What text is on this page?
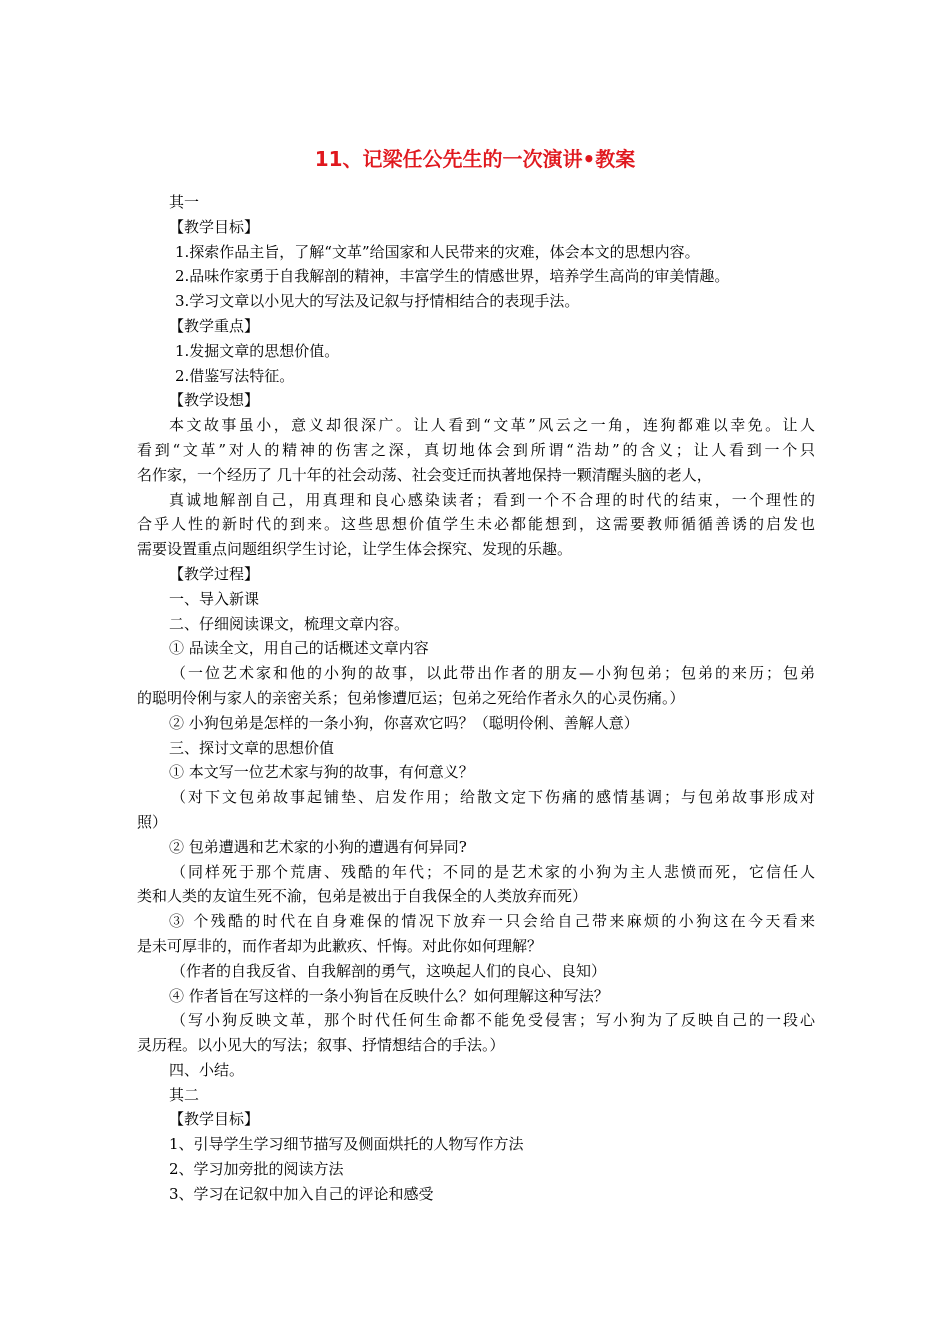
11、记梁任公先生的一次演讲•教案
其一
【教学目标】
1.探索作品主旨，了解“文革”给国家和人民带来的灾难，体会本文的思想内容。
2.品味作家勇于自我解剖的精神，丰富学生的情感世界，培养学生高尚的审美情趣。
3.学习文章以小见大的写法及记叙与抒情相结合的表现手法。
【教学重点】
1.发掘文章的思想价值。
2.借鉴写法特征。
【教学设想】
本文故事虽小，意义却很深广。让人看到“文革”风云之一角，连狗都难以幸免。让人
看到“文革”对人的精神的伤害之深，真切地体会到所谓“浩劫”的含义；让人看到一个只
名作家，一个经历了 几十年的社会动荡、社会变迁而执著地保持一颗清醒头脑的老人，
真诚地解剖自己，用真理和良心感染读者；看到一个不合理的时代的结束，一个理性的
合乎人性的新时代的到来。这些思想价值学生未必都能想到，这需要教师循循善诱的启发也
需要设置重点问题组织学生讨论，让学生体会探究、发现的乐趣。
【教学过程】
一、导入新课
二、仔细阅读课文，梳理文章内容。
① 品读全文，用自己的话概述文章内容
（一位艺术家和他的小狗的故事，以此带出作者的朋友—小狗包弟；包弟的来历；包弟
的聪明伶俐与家人的亲密关系；包弟惨遭厄运；包弟之死给作者永久的心灵伤痛。）
② 小狗包弟是怎样的一条小狗，你喜欢它吗？（聪明伶俐、善解人意）
三、探讨文章的思想价值
① 本文写一位艺术家与狗的故事，有何意义？
（对下文包弟故事起铺垫、启发作用；给散文定下伤痛的感情基调；与包弟故事形成对
照）
② 包弟遭遇和艺术家的小狗的遭遇有何异同?
（同样死于那个荒唐、残酷的年代；不同的是艺术家的小狗为主人悲愤而死，它信任人
类和人类的友谊生死不渝，包弟是被出于自我保全的人类放弃而死）
③ 个残酷的时代在自身难保的情况下放弃一只会给自己带来麻烦的小狗这在今天看来
是未可厚非的，而作者却为此歉疚、忏悔。对此你如何理解？
（作者的自我反省、自我解剖的勇气，这唤起人们的良心、良知）
④ 作者旨在写这样的一条小狗旨在反映什么？如何理解这种写法？
（写小狗反映文革，那个时代任何生命都不能免受侵害；写小狗为了反映自己的一段心
灵历程。以小见大的写法；叙事、抒情想结合的手法。）
四、小结。
其二
【教学目标】
1、引导学生学习细节描写及侧面烘托的人物写作方法
2、学习加旁批的阅读方法
3、学习在记叙中加入自己的评论和感受
